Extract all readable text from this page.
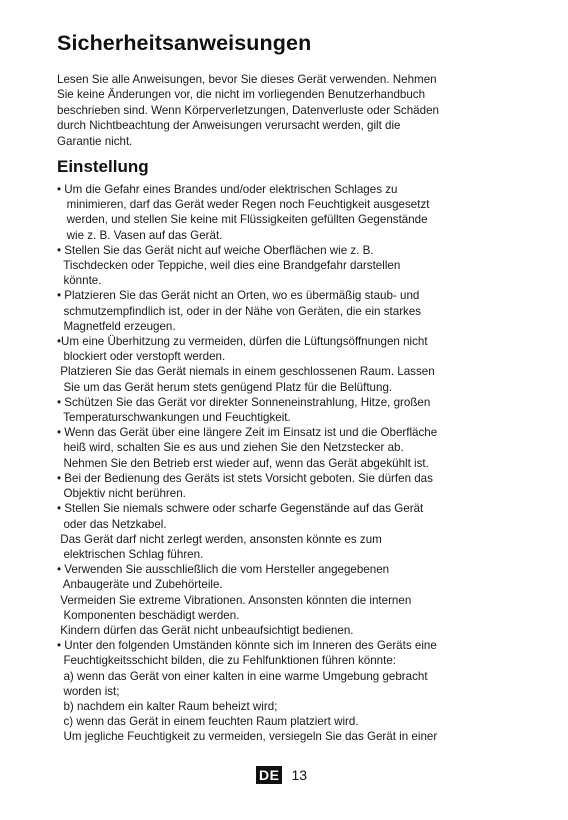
Sicherheitsanweisungen
Lesen Sie alle Anweisungen, bevor Sie dieses Gerät verwenden. Nehmen
Sie keine Änderungen vor, die nicht im vorliegenden Benutzerhandbuch
beschrieben sind. Wenn Körperverletzungen, Datenverluste oder Schäden
durch Nichtbeachtung der Anweisungen verursacht werden, gilt die
Garantie nicht.
Einstellung
• Um die Gefahr eines Brandes und/oder elektrischen Schlages zu
minimieren, darf das Gerät weder Regen noch Feuchtigkeit ausgesetzt
werden, und stellen Sie keine mit Flüssigkeiten gefüllten Gegenstände
wie z. B. Vasen auf das Gerät.
• Stellen Sie das Gerät nicht auf weiche Oberflächen wie z. B.
Tischdecken oder Teppiche, weil dies eine Brandgefahr darstellen
könnte.
• Platzieren Sie das Gerät nicht an Orten, wo es übermäßig staub- und
schmutzempfindlich ist, oder in der Nähe von Geräten, die ein starkes
Magnetfeld erzeugen.
•Um eine Überhitzung zu vermeiden, dürfen die Lüftungsöffnungen nicht
blockiert oder verstopft werden.
Platzieren Sie das Gerät niemals in einem geschlossenen Raum. Lassen
Sie um das Gerät herum stets genügend Platz für die Belüftung.
• Schützen Sie das Gerät vor direkter Sonneneinstrahlung, Hitze, großen
Temperaturschwankungen und Feuchtigkeit.
• Wenn das Gerät über eine längere Zeit im Einsatz ist und die Oberfläche
heiß wird, schalten Sie es aus und ziehen Sie den Netzstecker ab.
Nehmen Sie den Betrieb erst wieder auf, wenn das Gerät abgekühlt ist.
• Bei der Bedienung des Geräts ist stets Vorsicht geboten. Sie dürfen das
Objektiv nicht berühren.
• Stellen Sie niemals schwere oder scharfe Gegenstände auf das Gerät
oder das Netzkabel.
Das Gerät darf nicht zerlegt werden, ansonsten könnte es zum
elektrischen Schlag führen.
• Verwenden Sie ausschließlich die vom Hersteller angegebenen
Anbaugeräte und Zubehörteile.
Vermeiden Sie extreme Vibrationen. Ansonsten könnten die internen
Komponenten beschädigt werden.
Kindern dürfen das Gerät nicht unbeaufsichtigt bedienen.
• Unter den folgenden Umständen könnte sich im Inneren des Geräts eine
Feuchtigkeitsschicht bilden, die zu Fehlfunktionen führen könnte:
a) wenn das Gerät von einer kalten in eine warme Umgebung gebracht
worden ist;
b) nachdem ein kalter Raum beheizt wird;
c) wenn das Gerät in einem feuchten Raum platziert wird.
Um jegliche Feuchtigkeit zu vermeiden, versiegeln Sie das Gerät in einer
DE 13
